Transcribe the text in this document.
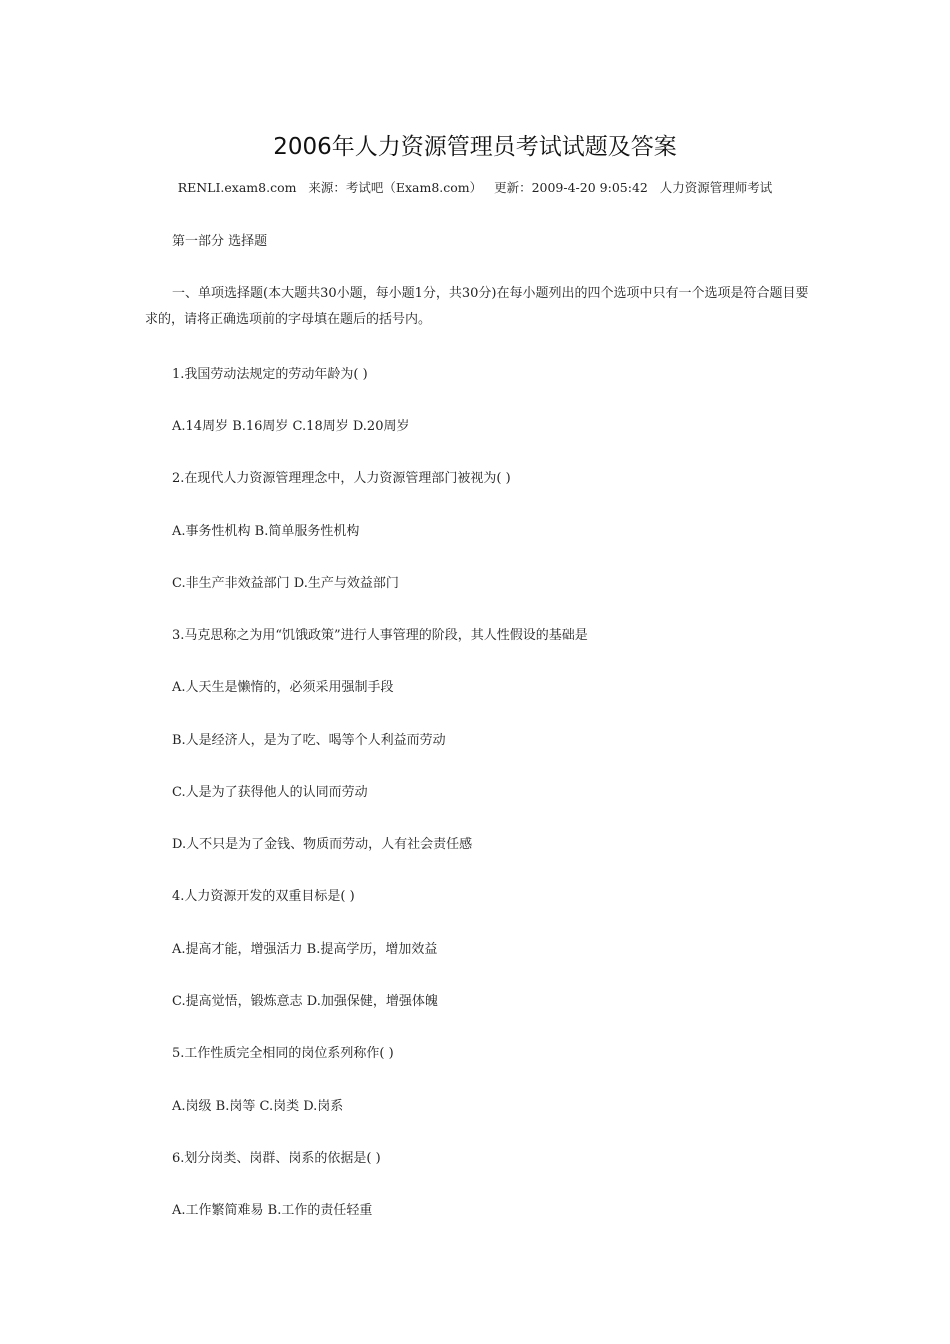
2006年人力资源管理员考试试题及答案
RENLI.exam8.com   来源：考试吧（Exam8.com）   更新：2009-4-20 9:05:42   人力资源管理师考试
第一部分 选择题
一、单项选择题(本大题共30小题，每小题1分，共30分)在每小题列出的四个选项中只有一个选项是符合题目要求的，请将正确选项前的字母填在题后的括号内。
1.我国劳动法规定的劳动年龄为( )
A.14周岁 B.16周岁 C.18周岁 D.20周岁
2.在现代人力资源管理理念中，人力资源管理部门被视为( )
A.事务性机构 B.简单服务性机构
C.非生产非效益部门 D.生产与效益部门
3.马克思称之为用“饥饿政策”进行人事管理的阶段，其人性假设的基础是
A.人天生是懒惰的，必须采用强制手段
B.人是经济人，是为了吃、喝等个人利益而劳动
C.人是为了获得他人的认同而劳动
D.人不只是为了金钱、物质而劳动，人有社会责任感
4.人力资源开发的双重目标是( )
A.提高才能，增强活力 B.提高学历，增加效益
C.提高觉悟，锻炼意志 D.加强保健，增强体魄
5.工作性质完全相同的岗位系列称作( )
A.岗级 B.岗等 C.岗类 D.岗系
6.划分岗类、岗群、岗系的依据是( )
A.工作繁简难易 B.工作的责任轻重
